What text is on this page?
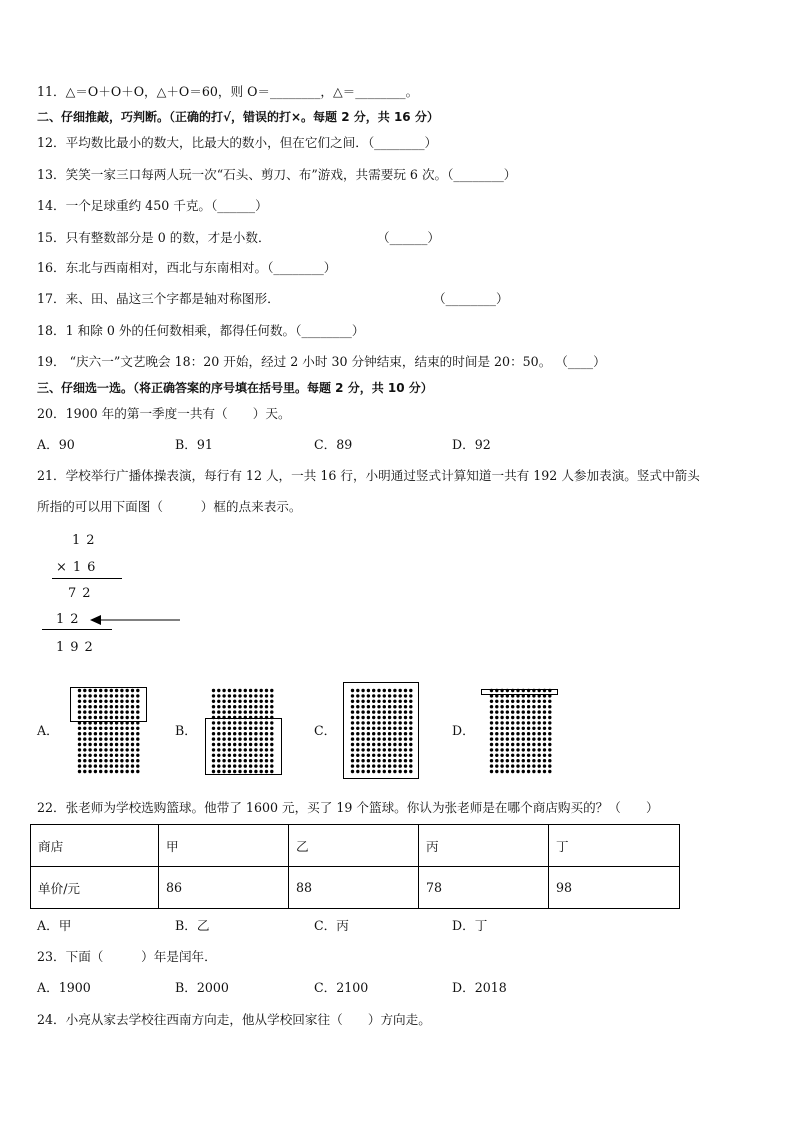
11．△＝O＋O＋O，△＋O＝60，则 O＝________，△＝________。
二、仔细推敲，巧判断。（正确的打√，错误的打×。每题 2 分，共 16 分）
12．平均数比最小的数大，比最大的数小，但在它们之间．（________）
13．笑笑一家三口每两人玩一次“石头、剪刀、布”游戏，共需要玩 6 次。（________）
14．一个足球重约 450 千克。（______）
15．只有整数部分是 0 的数，才是小数．	（______）
16．东北与西南相对，西北与东南相对。（________）
17．来、田、晶这三个字都是轴对称图形．	（________）
18．1 和除 0 外的任何数相乘，都得任何数。（________）
19． “庆六一”文艺晚会 18：20 开始，经过 2 小时 30 分钟结束，结束的时间是 20：50。 （____）
三、仔细选一选。（将正确答案的序号填在括号里。每题 2 分，共 10 分）
20．1900 年的第一季度一共有（　　）天。
A．90	B．91	C．89	D．92
21．学校举行广播体操表演，每行有 12 人，一共 16 行，小明通过竖式计算知道一共有 192 人参加表演。竖式中箭头
所指的可以用下面图（　　　）框的点来表示。
12
×16
72
12
192
A．	B．	C．	D．
22．张老师为学校选购篮球。他带了 1600 元，买了 19 个篮球。你认为张老师是在哪个商店购买的？（　　）
商店	甲	乙	丙	丁
单价/元	86	88	78	98
A．甲	B．乙	C．丙	D．丁
23．下面（　　　）年是闰年．
A．1900	B．2000	C．2100	D．2018
24．小亮从家去学校往西南方向走，他从学校回家往（　　）方向走。
